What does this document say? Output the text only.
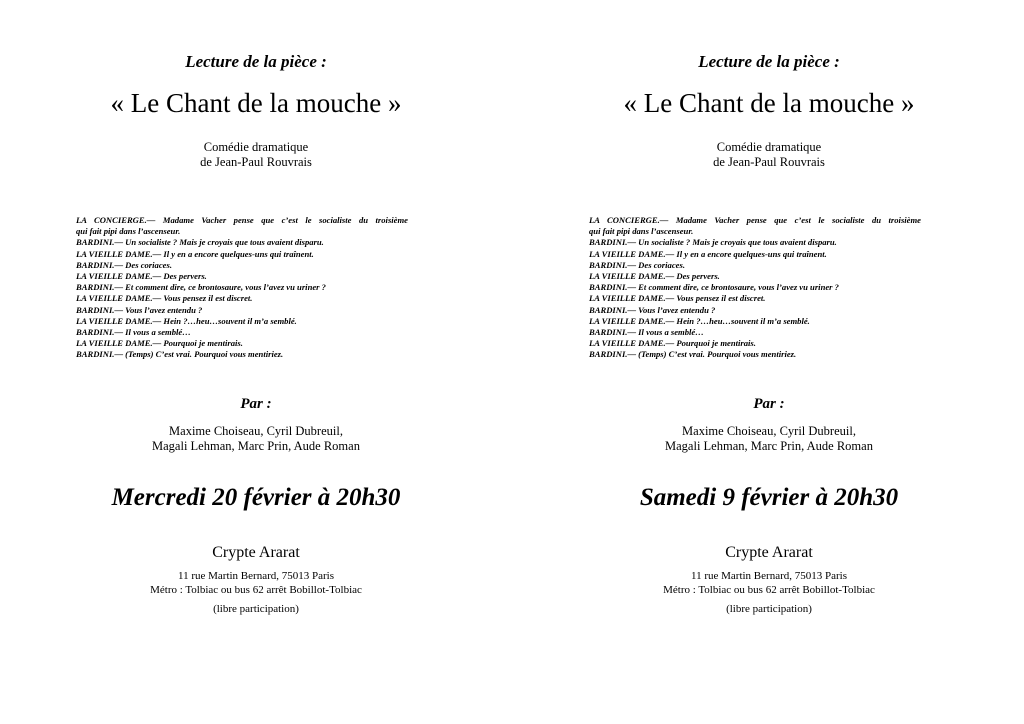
Lecture de la pièce :
« Le Chant de la mouche »
Comédie dramatique
de Jean-Paul Rouvrais
LA CONCIERGE.— Madame Vacher pense que c’est le socialiste du troisième
qui fait pipi dans l’ascenseur.
BARDINI.— Un socialiste ? Mais je croyais que tous avaient disparu.
LA VIEILLE DAME.— Il y en a encore quelques-uns qui traînent.
BARDINI.— Des coriaces.
LA VIEILLE DAME.— Des pervers.
BARDINI.— Et comment dire, ce brontosaure, vous l’avez vu uriner ?
LA VIEILLE DAME.— Vous pensez il est discret.
BARDINI.— Vous l’avez entendu ?
LA VIEILLE DAME.— Hein ?…heu…souvent il m’a semblé.
BARDINI.— Il vous a semblé…
LA VIEILLE DAME.— Pourquoi je mentirais.
BARDINI.— (Temps) C’est vrai. Pourquoi vous mentiriez.
Par :
Maxime Choiseau, Cyril Dubreuil,
Magali Lehman, Marc Prin, Aude Roman
Mercredi 20 février à 20h30
Crypte Ararat
11 rue Martin Bernard, 75013 Paris
Métro : Tolbiac ou bus 62 arrêt Bobillot-Tolbiac
(libre participation)
Lecture de la pièce :
« Le Chant de la mouche »
Comédie dramatique
de Jean-Paul Rouvrais
LA CONCIERGE.— Madame Vacher pense que c’est le socialiste du troisième
qui fait pipi dans l’ascenseur.
BARDINI.— Un socialiste ? Mais je croyais que tous avaient disparu.
LA VIEILLE DAME.— Il y en a encore quelques-uns qui traînent.
BARDINI.— Des coriaces.
LA VIEILLE DAME.— Des pervers.
BARDINI.— Et comment dire, ce brontosaure, vous l’avez vu uriner ?
LA VIEILLE DAME.— Vous pensez il est discret.
BARDINI.— Vous l’avez entendu ?
LA VIEILLE DAME.— Hein ?…heu…souvent il m’a semblé.
BARDINI.— Il vous a semblé…
LA VIEILLE DAME.— Pourquoi je mentirais.
BARDINI.— (Temps) C’est vrai. Pourquoi vous mentiriez.
Par :
Maxime Choiseau, Cyril Dubreuil,
Magali Lehman, Marc Prin, Aude Roman
Samedi 9 février à 20h30
Crypte Ararat
11 rue Martin Bernard, 75013 Paris
Métro : Tolbiac ou bus 62 arrêt Bobillot-Tolbiac
(libre participation)
